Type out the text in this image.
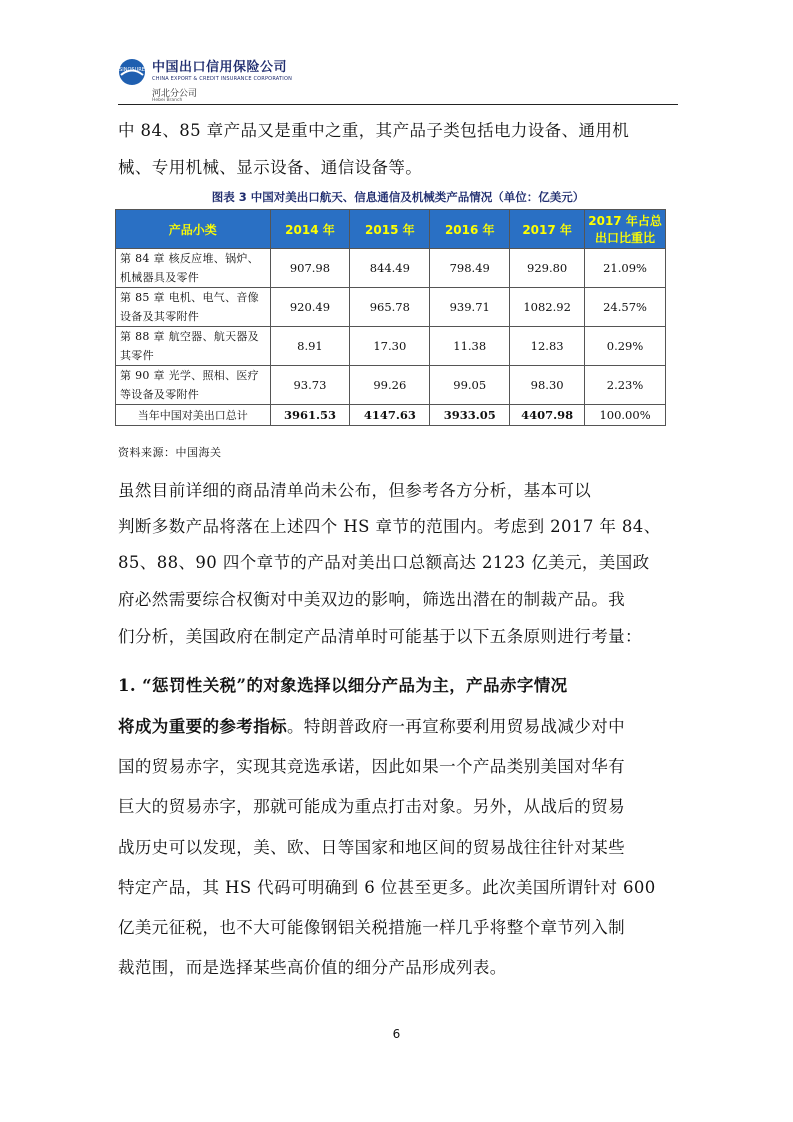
SINOSURE 中国出口信用保险公司
CHINA EXPORT & CREDIT INSURANCE CORPORATION
河北分公司
Hebei Branch
中 84、85 章产品又是重中之重，其产品子类包括电力设备、通用机
械、专用机械、显示设备、通信设备等。
图表 3 中国对美出口航天、信息通信及机械类产品情况（单位：亿美元）
产品小类	2014 年	2015 年	2016 年	2017 年	2017 年占总
出口比重比

第 84 章 核反应堆、锅炉、机械器具及零件	907.98	844.49	798.49	929.80	21.09%
第 85 章 电机、电气、音像设备及其零附件	920.49	965.78	939.71	1082.92	24.57%
第 88 章 航空器、航天器及其零件	8.91	17.30	11.38	12.83	0.29%
第 90 章 光学、照相、医疗等设备及零附件	93.73	99.26	99.05	98.30	2.23%
当年中国对美出口总计	3961.53	4147.63	3933.05	4407.98	100.00%
资料来源：中国海关
虽然目前详细的商品清单尚未公布，但参考各方分析，基本可以
判断多数产品将落在上述四个 HS 章节的范围内。考虑到 2017 年 84、
85、88、90 四个章节的产品对美出口总额高达 2123 亿美元，美国政
府必然需要综合权衡对中美双边的影响，筛选出潜在的制裁产品。我
们分析，美国政府在制定产品清单时可能基于以下五条原则进行考量：
1. “惩罚性关税”的对象选择以细分产品为主，产品赤字情况
将成为重要的参考指标。特朗普政府一再宣称要利用贸易战减少对中
国的贸易赤字，实现其竞选承诺，因此如果一个产品类别美国对华有
巨大的贸易赤字，那就可能成为重点打击对象。另外，从战后的贸易
战历史可以发现，美、欧、日等国家和地区间的贸易战往往针对某些
特定产品，其 HS 代码可明确到 6 位甚至更多。此次美国所谓针对 600
亿美元征税，也不大可能像钢铝关税措施一样几乎将整个章节列入制
裁范围，而是选择某些高价值的细分产品形成列表。
6
